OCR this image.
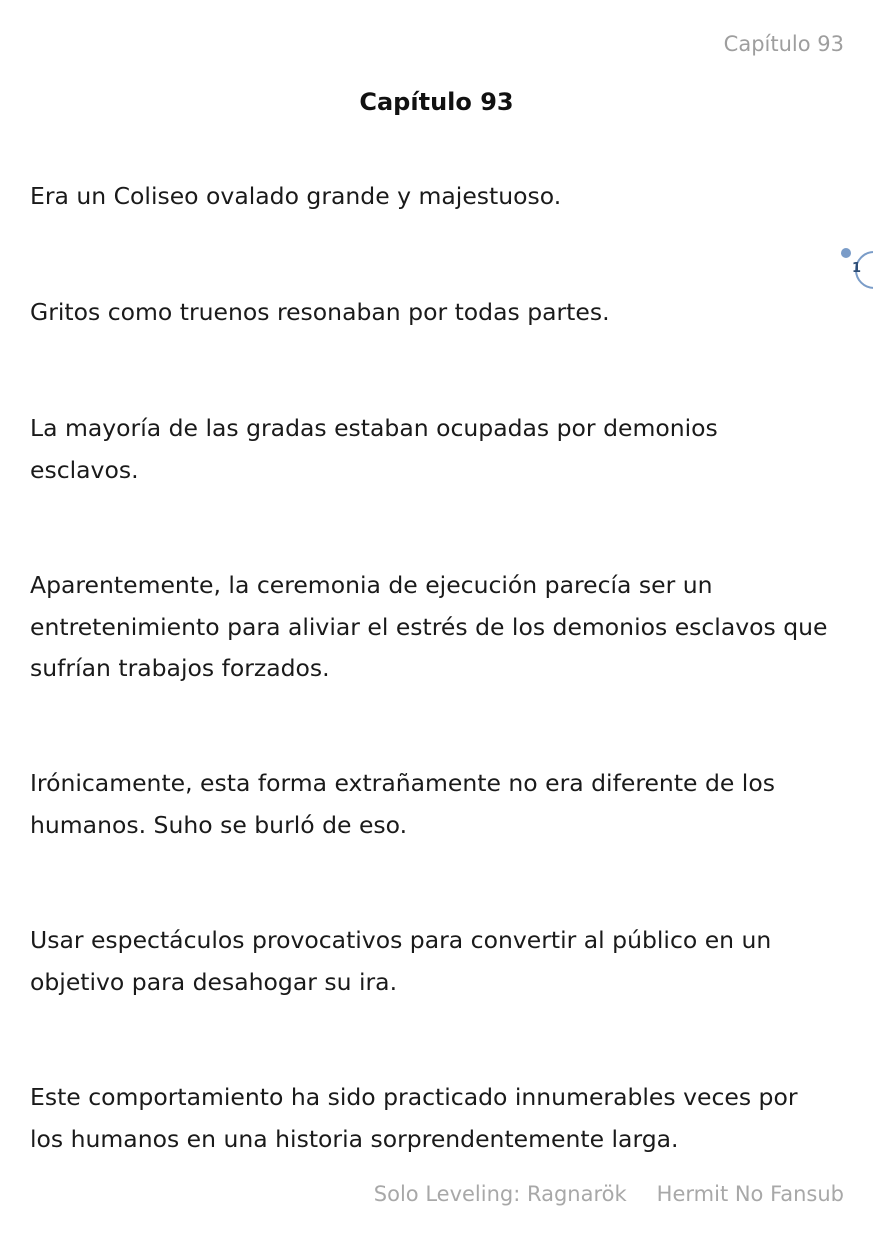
Capítulo 93
Capítulo 93

Era un Coliseo ovalado grande y majestuoso.

Gritos como truenos resonaban por todas partes.

La mayoría de las gradas estaban ocupadas por demonios esclavos.

Aparentemente, la ceremonia de ejecución parecía ser un entretenimiento para aliviar el estrés de los demonios esclavos que sufrían trabajos forzados.

Irónicamente, esta forma extrañamente no era diferente de los humanos. Suho se burló de eso.

Usar espectáculos provocativos para convertir al público en un objetivo para desahogar su ira.

Este comportamiento ha sido practicado innumerables veces por los humanos en una historia sorprendentemente larga.

1
Solo Leveling: Ragnarök Hermit No Fansub
